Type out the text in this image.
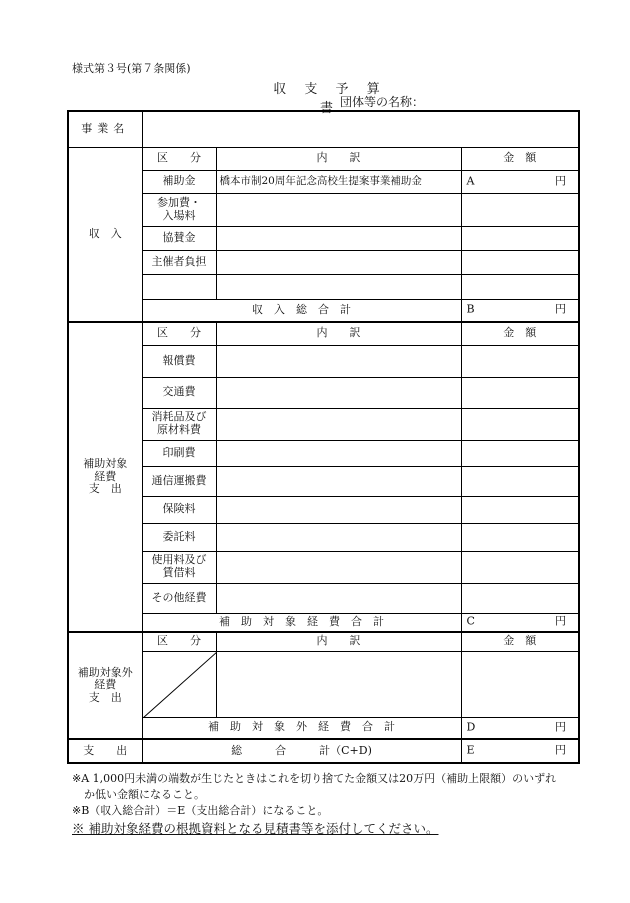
様式第３号(第７条関係)
収 支 予 算 書 団体等の名称：
事業名			
収　入	区　　分	内　　訳	金　額
	補助金	橋本市制20周年記念高校生提案事業補助金	A 円

	参加費・
入場料		
	協賛金		
	主催者負担		

	収　入　総　合　計		B 円

補助対象
経費
支　出	区　　分	内　　訳	金　額
	報償費		
	交通費		
	消耗品及び
原材料費		
	印刷費		
	通信運搬費		
	保険料		
	委託料		
	使用料及び
賃借料		
	その他経費		
	補　助　対　象　経　費　合　計		C 円

補助対象外
経費
支　出	区　　分	内　　訳	金　額

	補　助　対　象　外　経　費　合　計		D 円

支　　出	総　　　合　　　計（C+D)		E 円

※A 1,000円未満の端数が生じたときはこれを切り捨てた金額又は20万円（補助上限額）のいずれ

か低い金額になること。

※B（収入総合計）＝E（支出総合計）になること。

※ 補助対象経費の根拠資料となる見積書等を添付してください。
